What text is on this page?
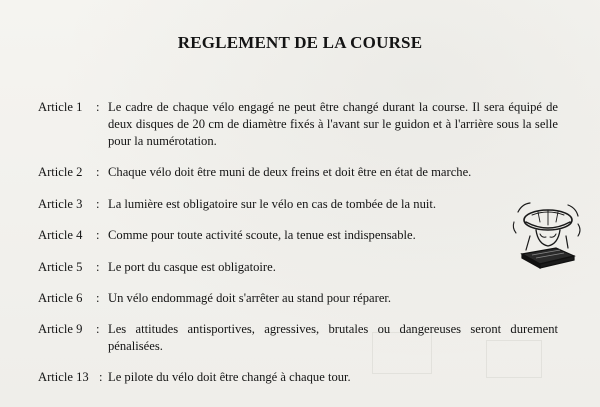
REGLEMENT DE LA COURSE
Article 1 : Le cadre de chaque vélo engagé ne peut être changé durant la course. Il sera équipé de deux disques de 20 cm de diamètre fixés à l'avant sur le guidon et à l'arrière sous la selle pour la numérotation.
Article 2 : Chaque vélo doit être muni de deux freins et doit être en état de marche.
Article 3 : La lumière est obligatoire sur le vélo en cas de tombée de la nuit.
Article 4 : Comme pour toute activité scoute, la tenue est indispensable.
Article 5 : Le port du casque est obligatoire.
Article 6 : Un vélo endommagé doit s'arrêter au stand pour réparer.
Article 9 : Les attitudes antisportives, agressives, brutales ou dangereuses seront durement pénalisées.
Article 13 : Le pilote du vélo doit être changé à chaque tour.
